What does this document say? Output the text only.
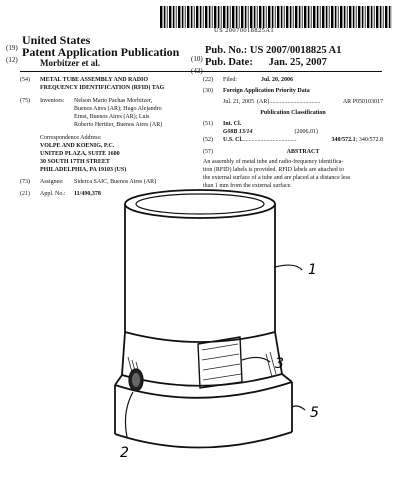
US 20070018825A1
(19)
United States
(12)
Patent Application Publication
Morbitzer et al.	(10)
Pub. No.: US 2007/0018825 A1
(43)
Pub. Date:      Jan. 25, 2007
(54)	METAL TUBE ASSEMBLY AND RADIO
FREQUENCY IDENTIFICATION (RFID) TAG
(75)	Inventors:	Nelson Mario Pachas Morbitzer,
Buenos Aires (AR); Hugo Alejandro
Ernst, Buenos Aires (AR); Luis
Roberto Herttier, Buenos Aires (AR)
Correspondence Address:
VOLPE AND KOENIG, P.C.
UNITED PLAZA, SUITE 1600
30 SOUTH 17TH STREET
PHILADELPHIA, PA 19103 (US)
(73)	Assignee:	Siderca SAIC, Buenos Aires (AR)
(21)	Appl. No.:	11/490,378
(22)	Filed:	Jul. 20, 2006
(30)	Foreign Application Priority Data
Jul. 21, 2005
(AR) ..................................	AR P050103017
Publication Classification
(51)	Int. Cl.
G08B 13/14	(2006.01)
(52)	U.S. Cl. ....................................	340/572.1; 340/572.8
(57)	ABSTRACT
An assembly of metal tube and radio-frequency identifica-
tion (RFID) labels is provided. RFID labels are attached to
the external surface of a tube and are placed at a distance less
than 1 mm from the external surface.
1
3
5
2
